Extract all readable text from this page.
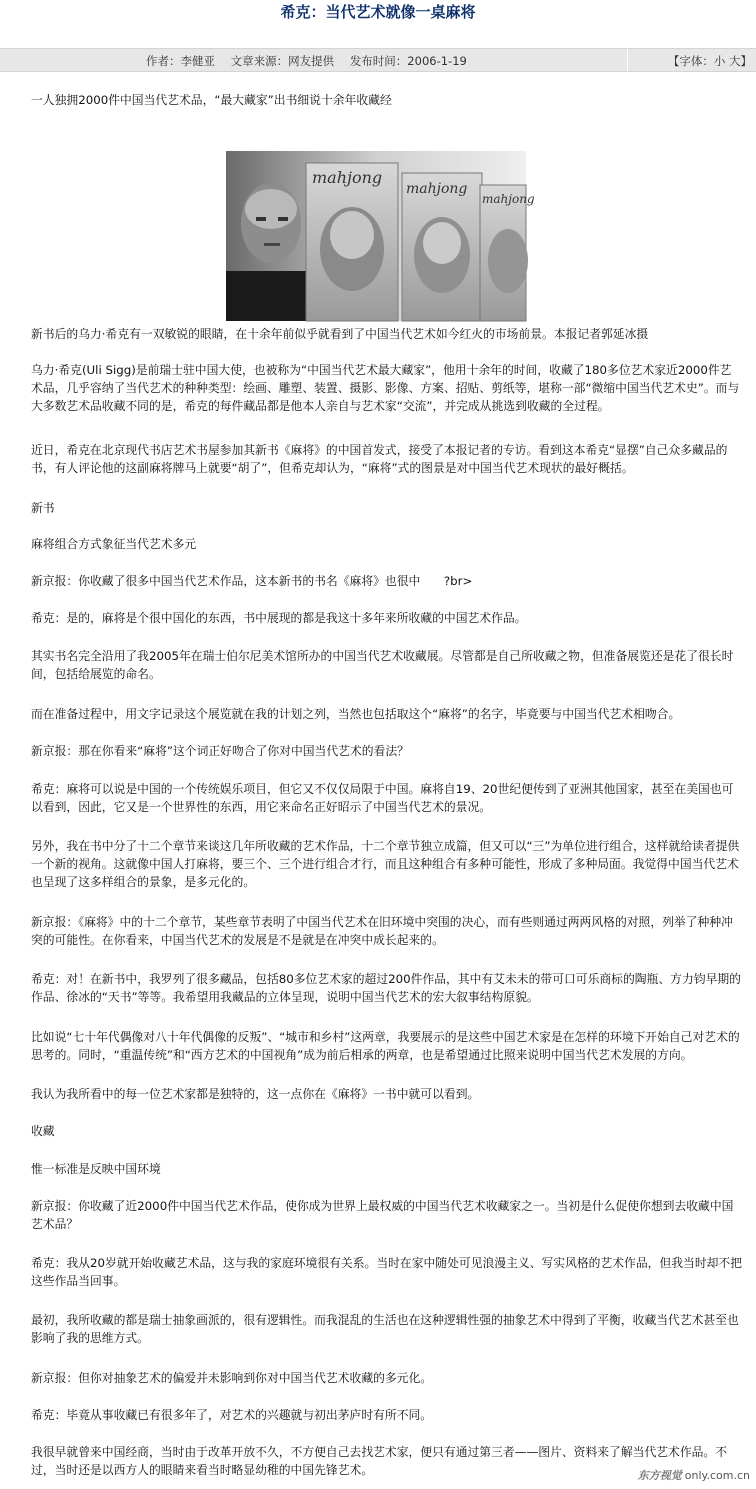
希克：当代艺术就像一桌麻将
作者：李健亚 文章来源：网友提供 发布时间：2006-1-19	【字体：小 大】
一人独拥2000件中国当代艺术品，“最大藏家”出书细说十余年收藏经
mahjong
mahjong
mahjong
新书后的乌力·希克有一双敏锐的眼睛，在十余年前似乎就看到了中国当代艺术如今红火的市场前景。本报记者郭延冰摄
乌力·希克(Uli Sigg)是前瑞士驻中国大使，也被称为“中国当代艺术最大藏家”，他用十余年的时间，收藏了180多位艺术家近2000件艺术品，几乎容纳了当代艺术的种种类型：绘画、雕塑、装置、摄影、影像、方案、招贴、剪纸等，堪称一部“微缩中国当代艺术史”。而与大多数艺术品收藏不同的是，希克的每件藏品都是他本人亲自与艺术家“交流”，并完成从挑选到收藏的全过程。
近日，希克在北京现代书店艺术书屋参加其新书《麻将》的中国首发式，接受了本报记者的专访。看到这本希克“显摆”自己众多藏品的书，有人评论他的这副麻将牌马上就要“胡了”，但希克却认为，“麻将”式的图景是对中国当代艺术现状的最好概括。
新书
麻将组合方式象征当代艺术多元
新京报：你收藏了很多中国当代艺术作品，这本新书的书名《麻将》也很中　　?br>
希克：是的，麻将是个很中国化的东西，书中展现的都是我这十多年来所收藏的中国艺术作品。
其实书名完全沿用了我2005年在瑞士伯尔尼美术馆所办的中国当代艺术收藏展。尽管都是自己所收藏之物，但准备展览还是花了很长时间，包括给展览的命名。
而在准备过程中，用文字记录这个展览就在我的计划之列，当然也包括取这个“麻将”的名字，毕竟要与中国当代艺术相吻合。
新京报：那在你看来“麻将”这个词正好吻合了你对中国当代艺术的看法？
希克：麻将可以说是中国的一个传统娱乐项目，但它又不仅仅局限于中国。麻将自19、20世纪便传到了亚洲其他国家，甚至在美国也可以看到，因此，它又是一个世界性的东西，用它来命名正好昭示了中国当代艺术的景况。
另外，我在书中分了十二个章节来谈这几年所收藏的艺术作品，十二个章节独立成篇，但又可以“三”为单位进行组合，这样就给读者提供一个新的视角。这就像中国人打麻将，要三个、三个进行组合才行，而且这种组合有多种可能性，形成了多种局面。我觉得中国当代艺术也呈现了这多样组合的景象，是多元化的。
新京报：《麻将》中的十二个章节，某些章节表明了中国当代艺术在旧环境中突围的决心，而有些则通过两两风格的对照，列举了种种冲突的可能性。在你看来，中国当代艺术的发展是不是就是在冲突中成长起来的。
希克：对！在新书中，我罗列了很多藏品，包括80多位艺术家的超过200件作品，其中有艾未未的带可口可乐商标的陶瓶、方力钧早期的作品、徐冰的“天书”等等。我希望用我藏品的立体呈现，说明中国当代艺术的宏大叙事结构原貌。
比如说“七十年代偶像对八十年代偶像的反叛”、“城市和乡村”这两章，我要展示的是这些中国艺术家是在怎样的环境下开始自己对艺术的思考的。同时，“重温传统”和“西方艺术的中国视角”成为前后相承的两章，也是希望通过比照来说明中国当代艺术发展的方向。
我认为我所看中的每一位艺术家都是独特的，这一点你在《麻将》一书中就可以看到。
收藏
惟一标准是反映中国环境
新京报：你收藏了近2000件中国当代艺术作品，使你成为世界上最权威的中国当代艺术收藏家之一。当初是什么促使你想到去收藏中国艺术品？
希克：我从20岁就开始收藏艺术品，这与我的家庭环境很有关系。当时在家中随处可见浪漫主义、写实风格的艺术作品，但我当时却不把这些作品当回事。
最初，我所收藏的都是瑞士抽象画派的，很有逻辑性。而我混乱的生活也在这种逻辑性强的抽象艺术中得到了平衡，收藏当代艺术甚至也影响了我的思维方式。
新京报：但你对抽象艺术的偏爱并未影响到你对中国当代艺术收藏的多元化。
希克：毕竟从事收藏已有很多年了，对艺术的兴趣就与初出茅庐时有所不同。
我很早就曾来中国经商，当时由于改革开放不久，不方便自己去找艺术家，便只有通过第三者——图片、资料来了解当代艺术作品。不过，当时还是以西方人的眼睛来看当时略显幼稚的中国先锋艺术。	东方视觉 only.com.cn
